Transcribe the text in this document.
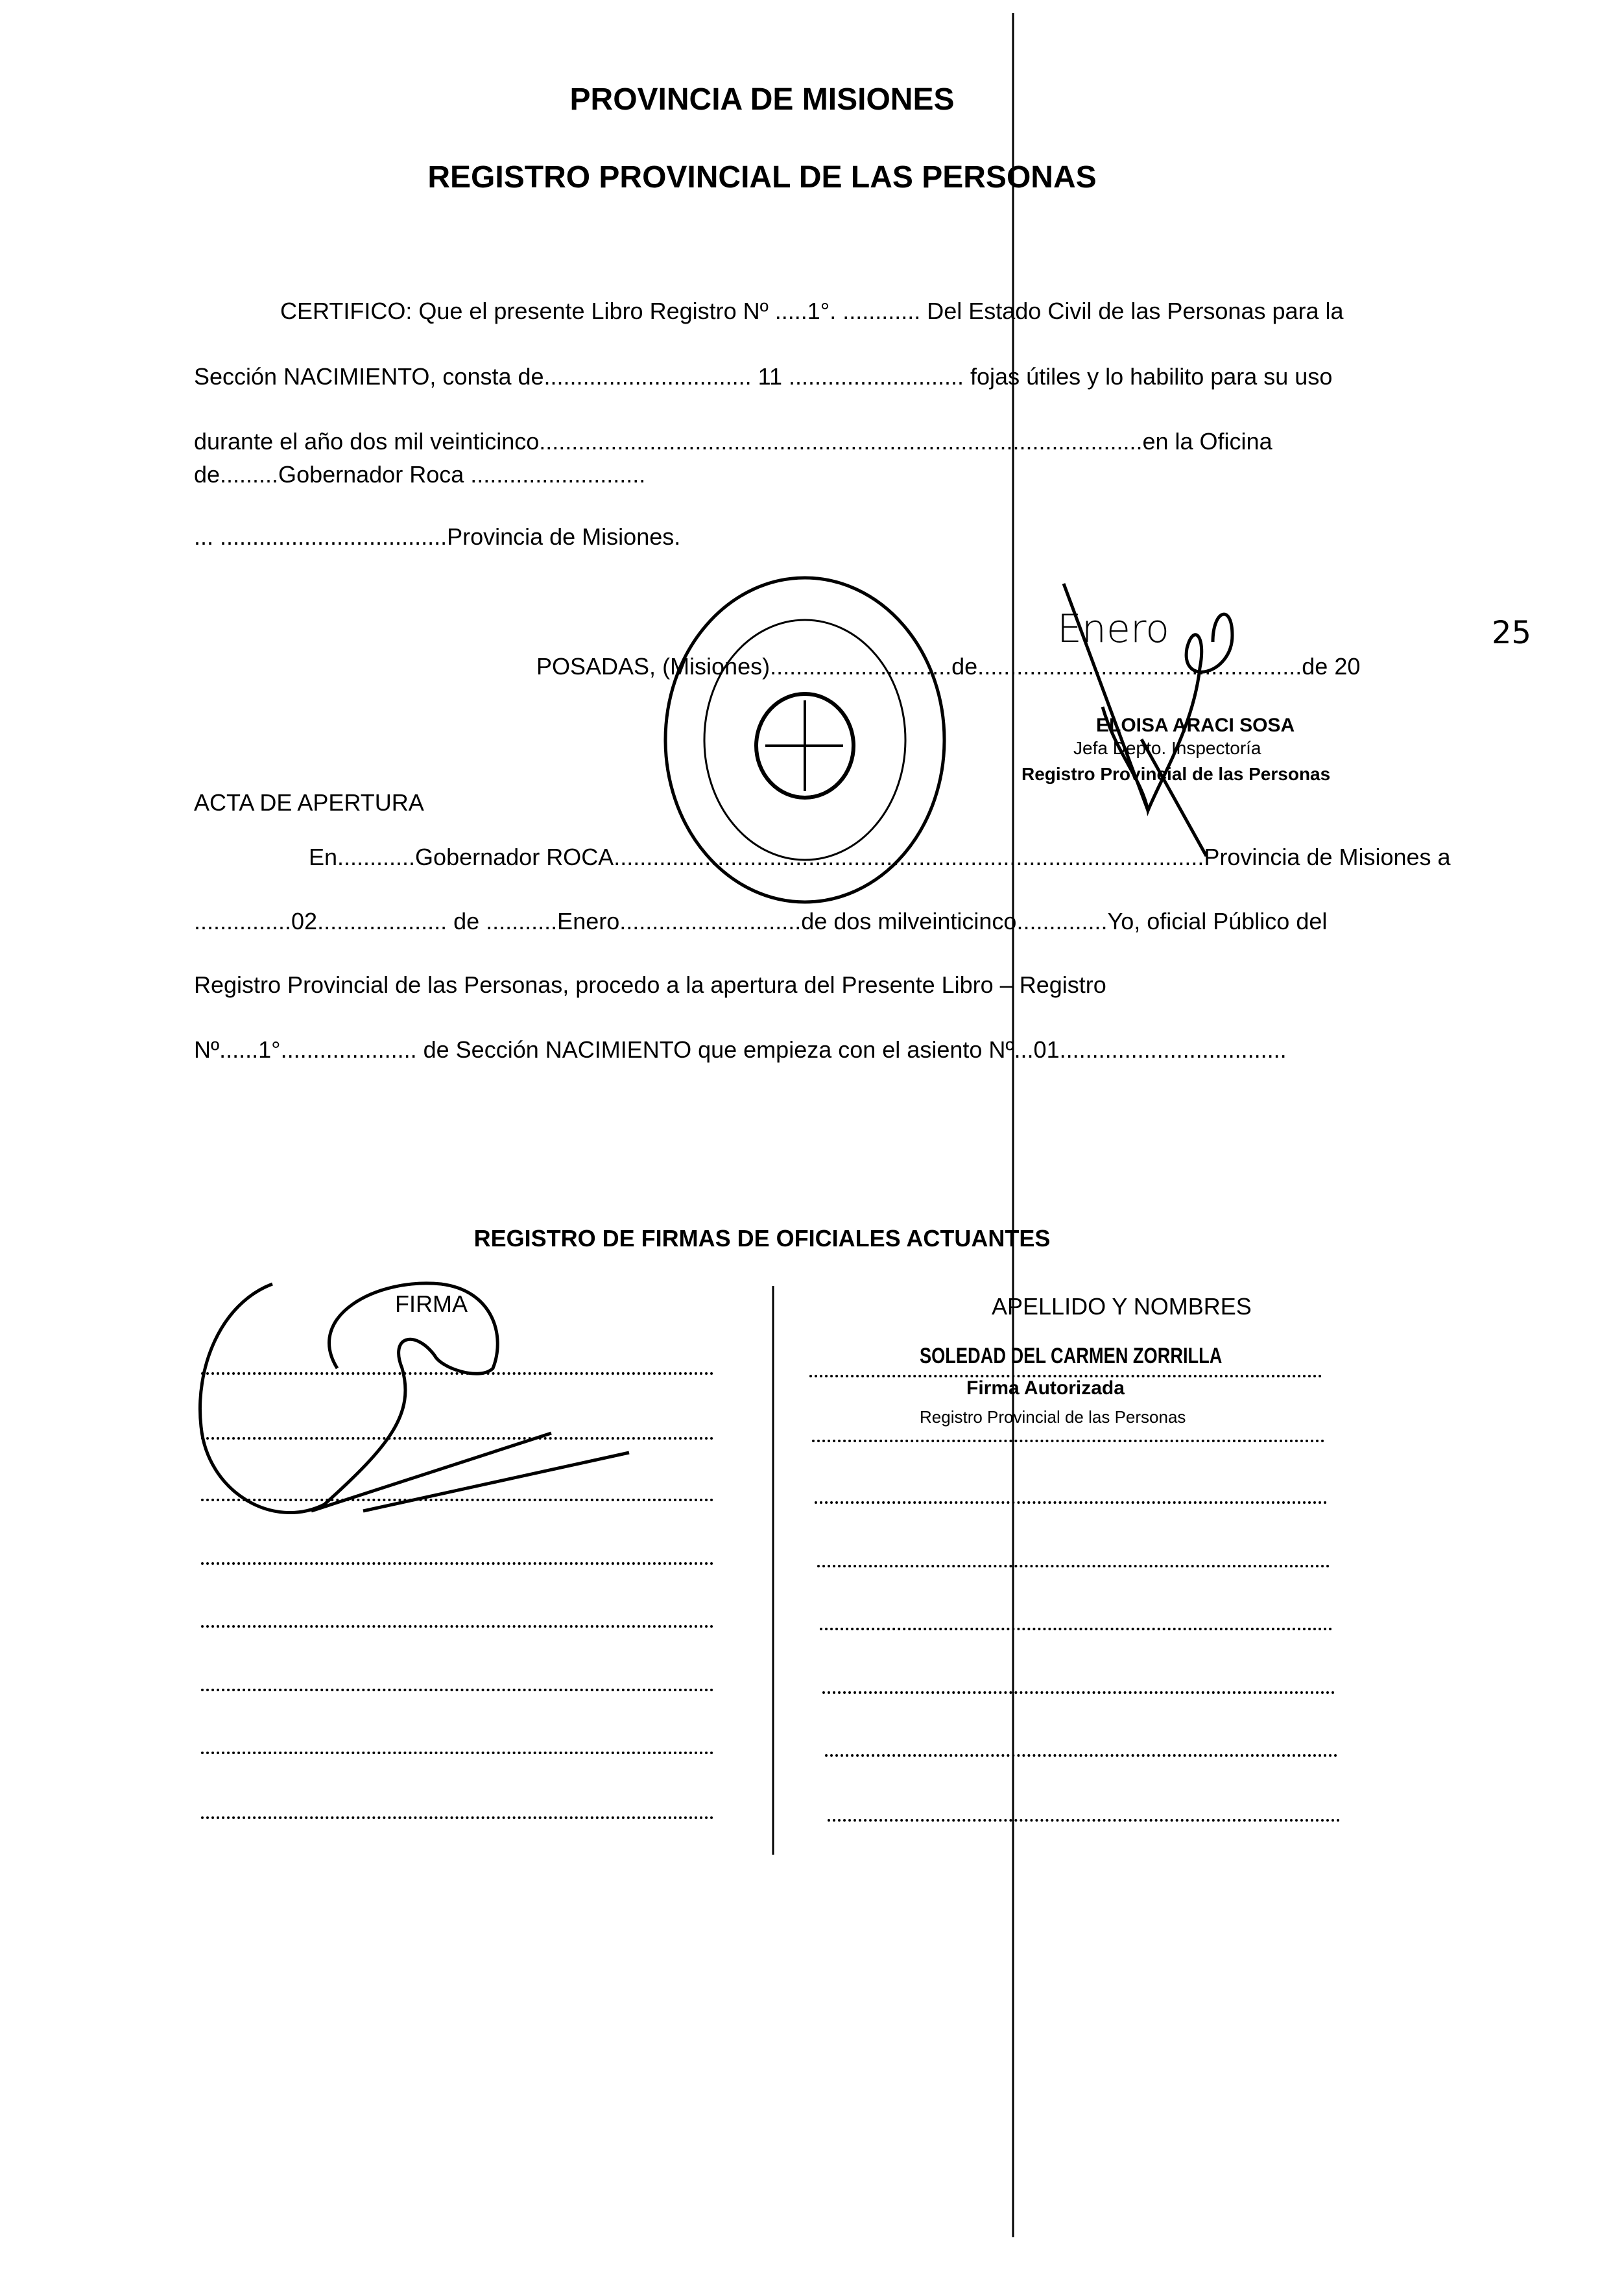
PROVINCIA DE MISIONES
REGISTRO PROVINCIAL DE LAS PERSONAS
CERTIFICO: Que el presente Libro Registro Nº .....1°. ............ Del Estado Civil de las Personas para la
Sección NACIMIENTO, consta de................................ 11 ........................... fojas útiles y lo habilito para su uso
durante el año dos mil veinticinco.............................................................................................en la Oficina
de.........Gobernador Roca ...........................
... ...................................Provincia de Misiones.
POSADAS, (Misiones)............................de..................................................de 20
Enero	25
ELOISA ARACI SOSA
Jefa Depto. Inspectoría
Registro Provincial de las Personas
ACTA DE APERTURA
En............Gobernador ROCA...........................................................................................Provincia de Misiones a
...............02.................... de ...........Enero............................de dos milveinticinco..............Yo, oficial Público del
Registro Provincial de las Personas, procedo a la apertura del Presente Libro – Registro
Nº......1°..................... de Sección NACIMIENTO que empieza con el asiento Nº...01...................................
REGISTRO DE FIRMAS DE OFICIALES ACTUANTES
FIRMA	APELLIDO Y NOMBRES
SOLEDAD DEL CARMEN ZORRILLA
Firma Autorizada
Registro Provincial de las Personas
